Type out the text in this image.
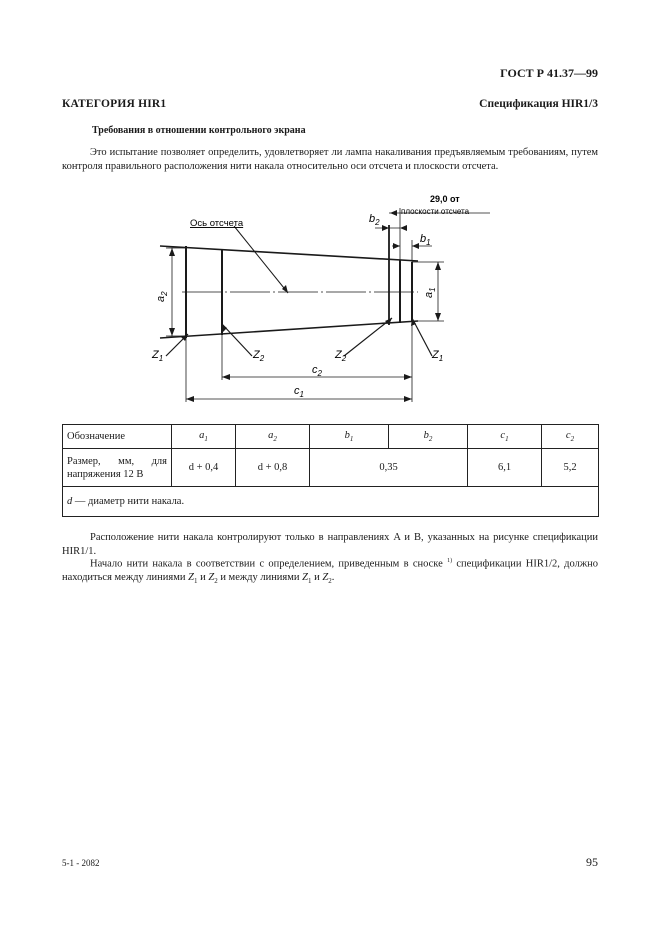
ГОСТ Р 41.37—99
КАТЕГОРИЯ HIR1	Спецификация HIR1/3
Требования в отношении контрольного экрана
Это испытание позволяет определить, удовлетворяет ли лампа накаливания предъявляемым требованиям, путем контроля правильного расположения нити накала относительно оси отсчета и плоскости отсчета.
Ось отсчета
29,0 от
плоскости отсчета
$a_2$	$a_1$
$b_2$
$b_1$
$c_2$
$c_1$
$Z_1$	$Z_2$	$Z_2$	$Z_1$
Обозначение	$a_1$	$a_2$	$b_1$	$b_2$	$c_1$	$c_2$
Размер, мм, для напряжения 12 В	d + 0,4	d + 0,8	0,35		6,1	5,2
d — диаметр нити накала.						
Расположение нити накала контролируют только в направлениях A и B, указанных на рисунке спецификации HIR1/1.
Начало нити накала в соответствии с определением, приведенным в сноске $^{1)}$ спецификации HIR1/2, должно находиться между линиями $Z_1$ и $Z_2$ и между линиями $Z_1$ и $Z_2$.
5-1 - 2082	95
